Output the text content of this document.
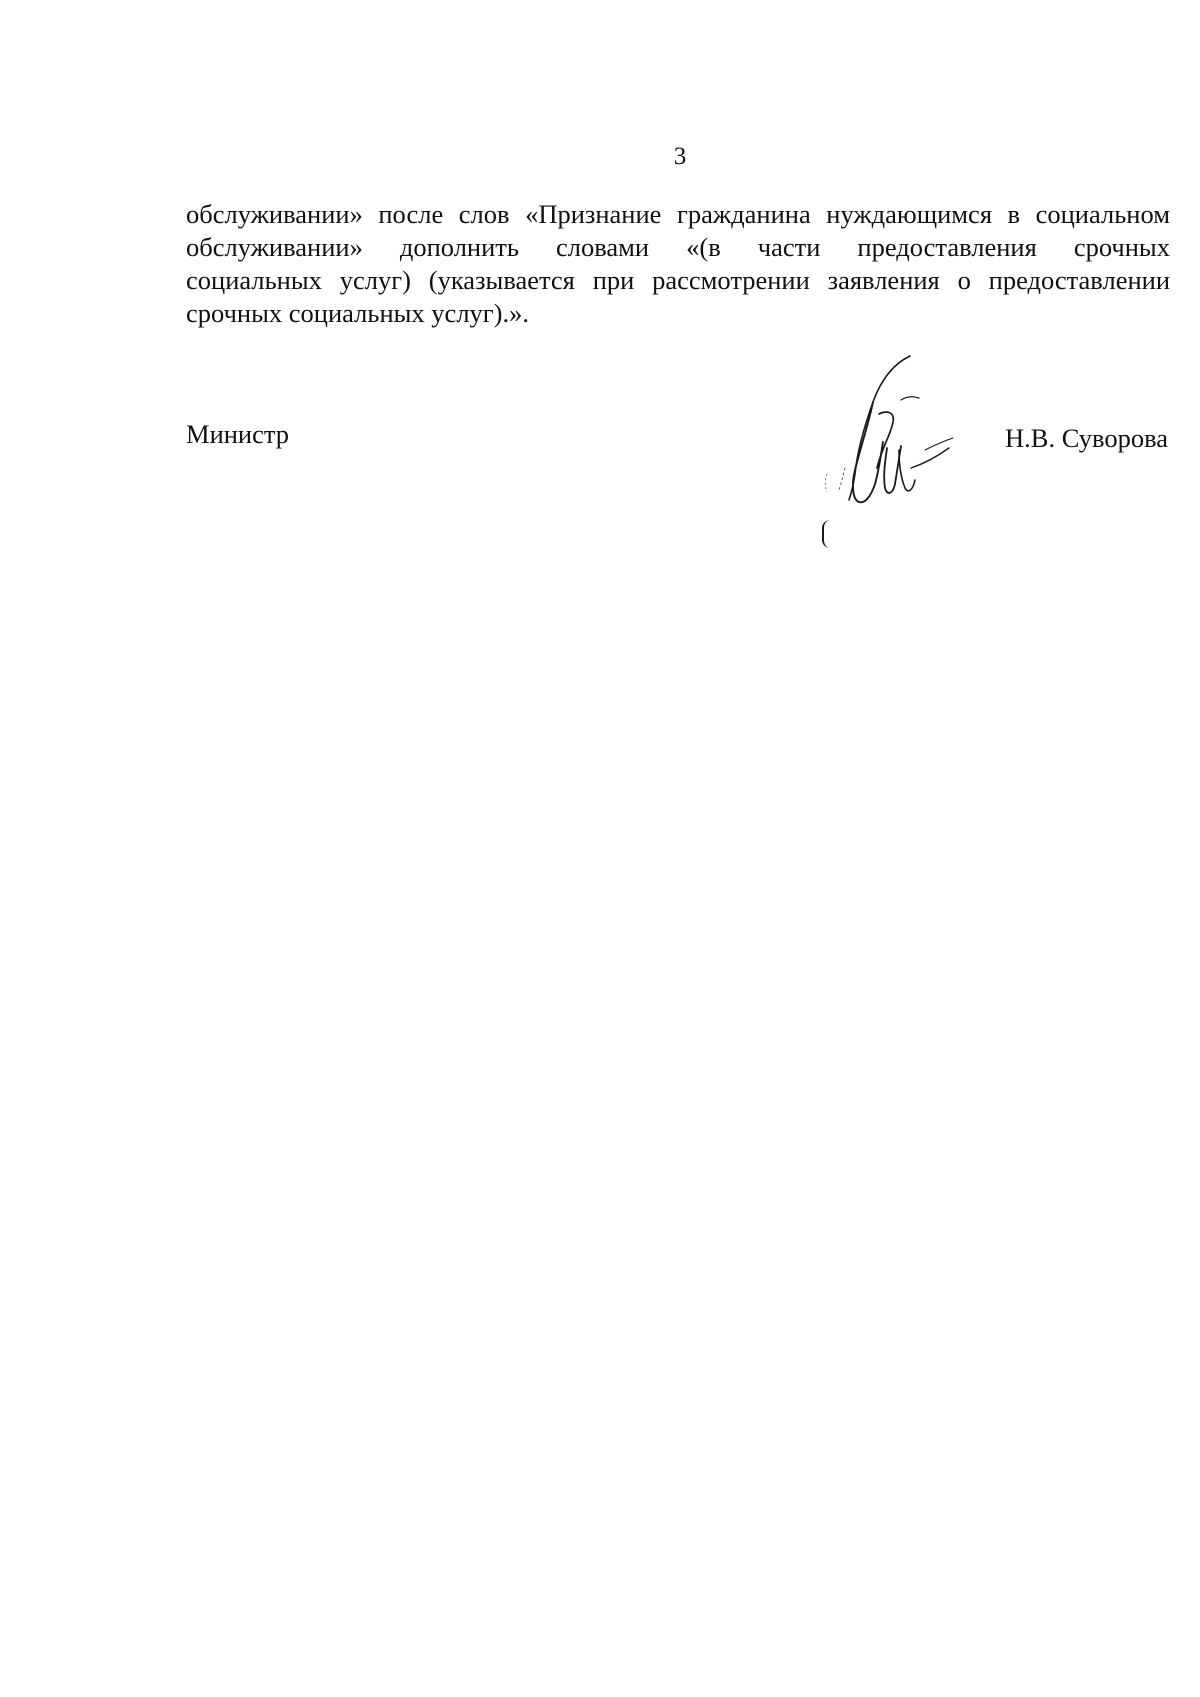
3

обслуживании» после слов «Признание гражданина нуждающимся в социальном
обслуживании» дополнить словами «(в части предоставления срочных
социальных услуг) (указывается при рассмотрении заявления о предоставлении
срочных социальных услуг).».

Министр	Н.В. Суворова
